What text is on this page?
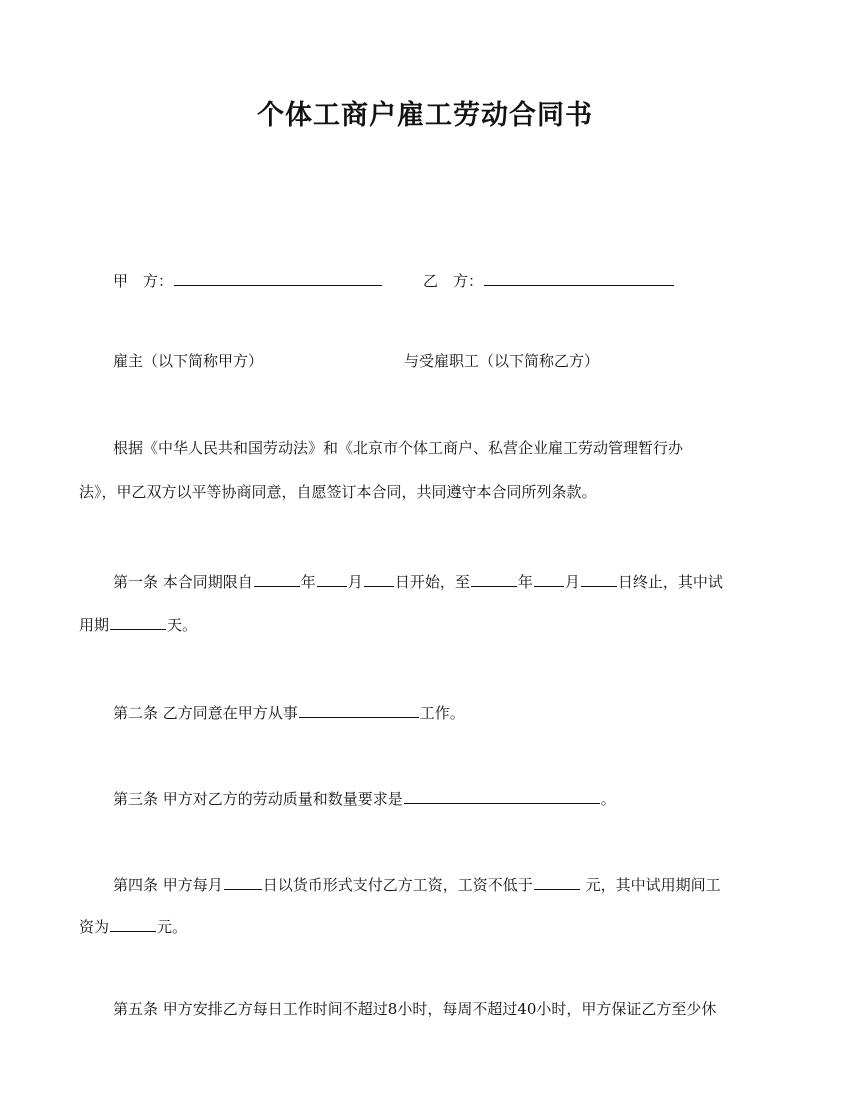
个体工商户雇工劳动合同书
甲　方：	乙　方：
雇主（以下简称甲方）	与受雇职工（以下简称乙方）
根据《中华人民共和国劳动法》和《北京市个体工商户、私营企业雇工劳动管理暂行办
法》，甲乙双方以平等协商同意，自愿签订本合同，共同遵守本合同所列条款。
第一条 本合同期限自	年 月 日开始，至	年 月	日终止，其中试
用期	天。
第二条 乙方同意在甲方从事	工作。
第三条 甲方对乙方的劳动质量和数量要求是	。
第四条 甲方每月	日以货币形式支付乙方工资，工资不低于	元，其中试用期间工
资为	元。
第五条 甲方安排乙方每日工作时间不超过8小时，每周不超过40小时，甲方保证乙方至少休
